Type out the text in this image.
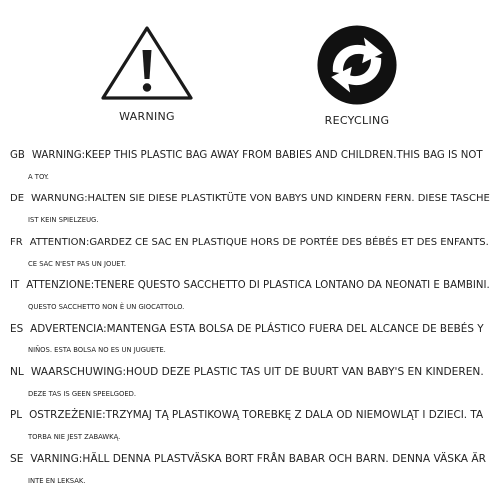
WARNING	RECYCLING

GB WARNING:KEEP THIS PLASTIC BAG AWAY FROM BABIES AND CHILDREN.THIS BAG IS NOT
A TOY.

DE WARNUNG:HALTEN SIE DIESE PLASTIKTÜTE VON BABYS UND KINDERN FERN. DIESE TASCHE
IST KEIN SPIELZEUG.

FR ATTENTION:GARDEZ CE SAC EN PLASTIQUE HORS DE PORTÉE DES BÉBÉS ET DES ENFANTS.
CE SAC N'EST PAS UN JOUET.

IT ATTENZIONE:TENERE QUESTO SACCHETTO DI PLASTICA LONTANO DA NEONATI E BAMBINI.
QUESTO SACCHETTO NON È UN GIOCATTOLO.

ES ADVERTENCIA:MANTENGA ESTA BOLSA DE PLÁSTICO FUERA DEL ALCANCE DE BEBÉS Y
NIÑOS. ESTA BOLSA NO ES UN JUGUETE.

NL WAARSCHUWING:HOUD DEZE PLASTIC TAS UIT DE BUURT VAN BABY'S EN KINDEREN.
DEZE TAS IS GEEN SPEELGOED.

PL OSTRZEŻENIE:TRZYMAJ TĄ PLASTIKOWĄ TOREBKĘ Z DALA OD NIEMOWLĄT I DZIECI. TA
TORBA NIE JEST ZABAWKĄ.

SE VARNING:HÄLL DENNA PLASTVÄSKA BORT FRÅN BABAR OCH BARN. DENNA VÄSKA ÄR
INTE EN LEKSAK.
